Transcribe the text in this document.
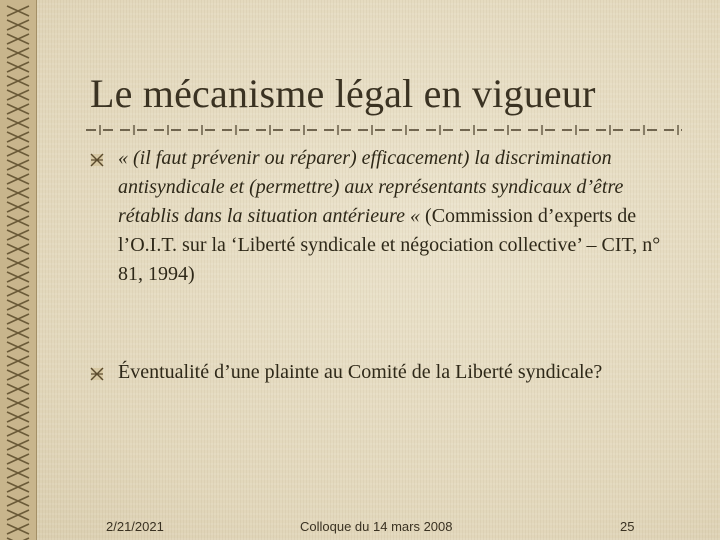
Le mécanisme légal en vigueur

« (il faut prévenir ou réparer) efficacement) la discrimination antisyndicale et (permettre) aux représentants syndicaux d’être rétablis dans la situation antérieure « (Commission d’experts de l’O.I.T. sur la ‘Liberté syndicale et négociation collective’ – CIT, n° 81, 1994)

Éventualité d’une plainte au Comité de la Liberté syndicale?

2/21/2021	Colloque du 14 mars 2008	25
